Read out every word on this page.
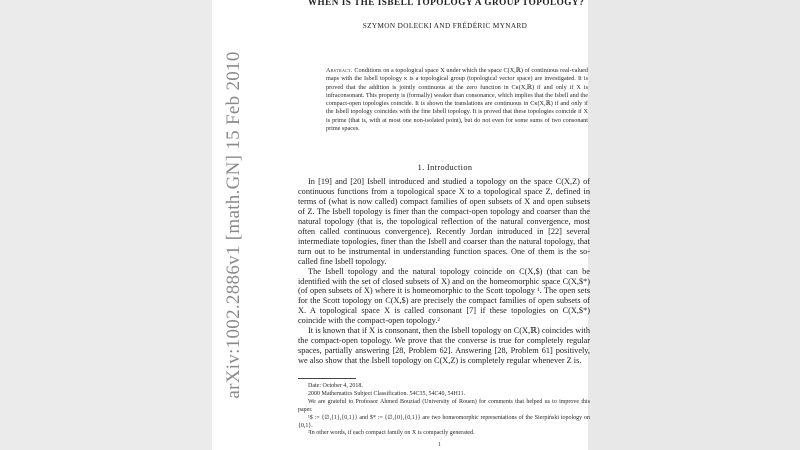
arXiv:1002.2886v1 [math.GN] 15 Feb 2010
WHEN IS THE ISBELL TOPOLOGY A GROUP TOPOLOGY?
SZYMON DOLECKI AND FRÉDÉRIC MYNARD
Abstract. Conditions on a topological space X under which the space C(X,ℝ) of continuous real-valued maps with the Isbell topology κ is a topological group (topological vector space) are investigated. It is proved that the addition is jointly continuous at the zero function in Cκ(X,ℝ) if and only if X is infraconsonant. This property is (formally) weaker than consonance, which implies that the Isbell and the compact-open topologies coincide. It is shown the translations are continuous in Cκ(X,ℝ) if and only if the Isbell topology coincides with the fine Isbell topology. It is proved that these topologies coincide if X is prime (that is, with at most one non-isolated point), but do not even for some sums of two consonant prime spaces.
1. Introduction

In [19] and [20] Isbell introduced and studied a topology on the space C(X,Z) of continuous functions from a topological space X to a topological space Z, defined in terms of (what is now called) compact families of open subsets of X and open subsets of Z. The Isbell topology is finer than the compact-open topology and coarser than the natural topology (that is, the topological reflection of the natural convergence, most often called continuous convergence). Recently Jordan introduced in [22] several intermediate topologies, finer than the Isbell and coarser than the natural topology, that turn out to be instrumental in understanding function spaces. One of them is the so-called fine Isbell topology.

The Isbell topology and the natural topology coincide on C(X,$) (that can be identified with the set of closed subsets of X) and on the homeomorphic space C(X,$*) (of open subsets of X) where it is homeomorphic to the Scott topology ¹. The open sets for the Scott topology on C(X,$) are precisely the compact families of open subsets of X. A topological space X is called consonant [7] if these topologies on C(X,$*) coincide with the compact-open topology.²

It is known that if X is consonant, then the Isbell topology on C(X,ℝ) coincides with the compact-open topology. We prove that the converse is true for completely regular spaces, partially answering [28, Problem 62]. Answering [28, Problem 61] positively, we also show that the Isbell topology on C(X,Z) is completely regular whenever Z is.

Date: October 4, 2018.

2000 Mathematics Subject Classification. 54C35, 54C40, 54H11.

We are grateful to Professor Ahmed Bouziad (University of Rouen) for comments that helped us to improve this paper.

¹$ := {∅,{1},{0,1}} and $* := {∅,{0},{0,1}} are two homeomorphic representations of the Sierpiński topology on {0,1}.

²In other words, if each compact family on X is compactly generated.

1
